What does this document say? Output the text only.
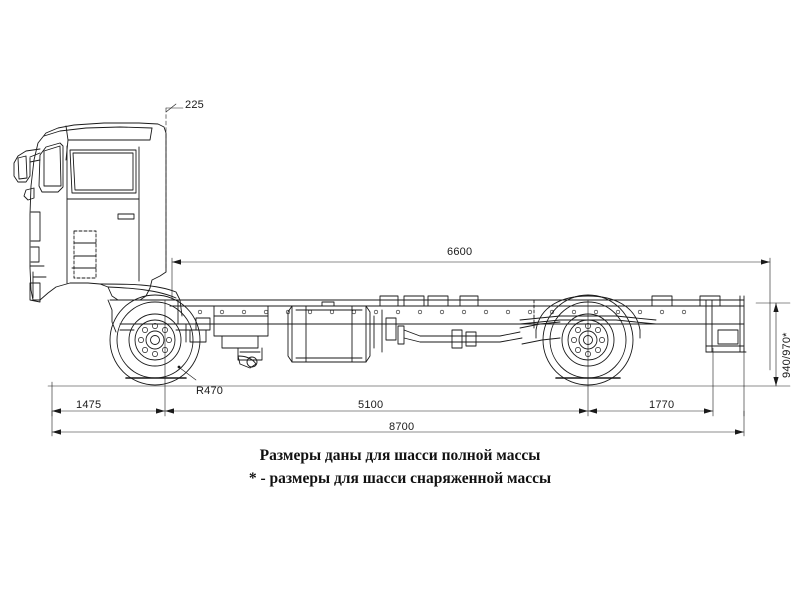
225
6600
R470
1475	5100	1770
8700
940/970*
Размеры даны для шасси полной массы
* - размеры для шасси снаряженной массы
